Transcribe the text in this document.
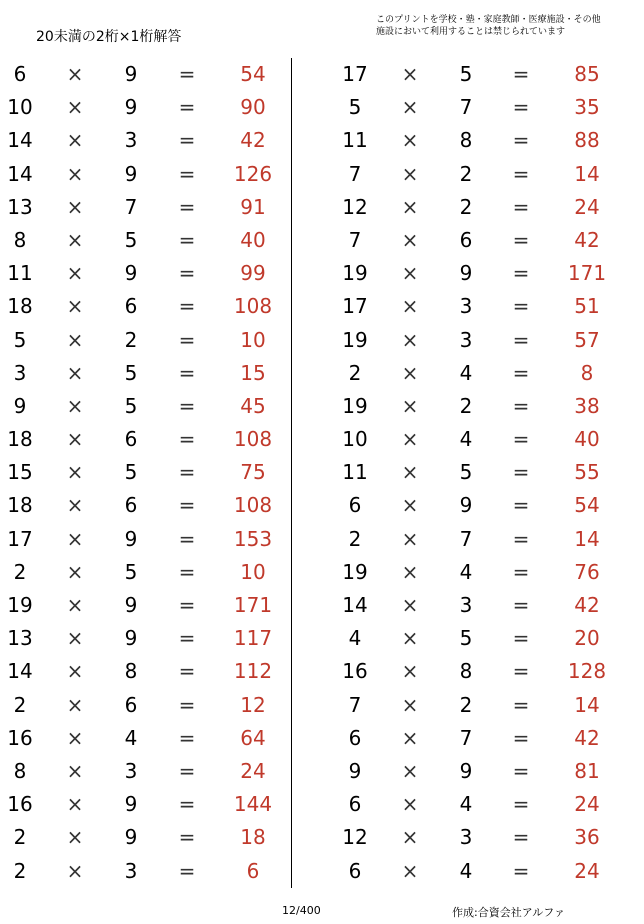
20未満の2桁×1桁解答
このプリントを学校・塾・家庭教師・医療施設・その他
施設において利用することは禁じられています
6	×	9	=	54
10	×	9	=	90
14	×	3	=	42
14	×	9	=	126
13	×	7	=	91
8	×	5	=	40
11	×	9	=	99
18	×	6	=	108
5	×	2	=	10
3	×	5	=	15
9	×	5	=	45
18	×	6	=	108
15	×	5	=	75
18	×	6	=	108
17	×	9	=	153
2	×	5	=	10
19	×	9	=	171
13	×	9	=	117
14	×	8	=	112
2	×	6	=	12
16	×	4	=	64
8	×	3	=	24
16	×	9	=	144
2	×	9	=	18
2	×	3	=	6
17	×	5	=	85
5	×	7	=	35
11	×	8	=	88
7	×	2	=	14
12	×	2	=	24
7	×	6	=	42
19	×	9	=	171
17	×	3	=	51
19	×	3	=	57
2	×	4	=	8
19	×	2	=	38
10	×	4	=	40
11	×	5	=	55
6	×	9	=	54
2	×	7	=	14
19	×	4	=	76
14	×	3	=	42
4	×	5	=	20
16	×	8	=	128
7	×	2	=	14
6	×	7	=	42
9	×	9	=	81
6	×	4	=	24
12	×	3	=	36
6	×	4	=	24
12/400	作成:合資会社アルファ
